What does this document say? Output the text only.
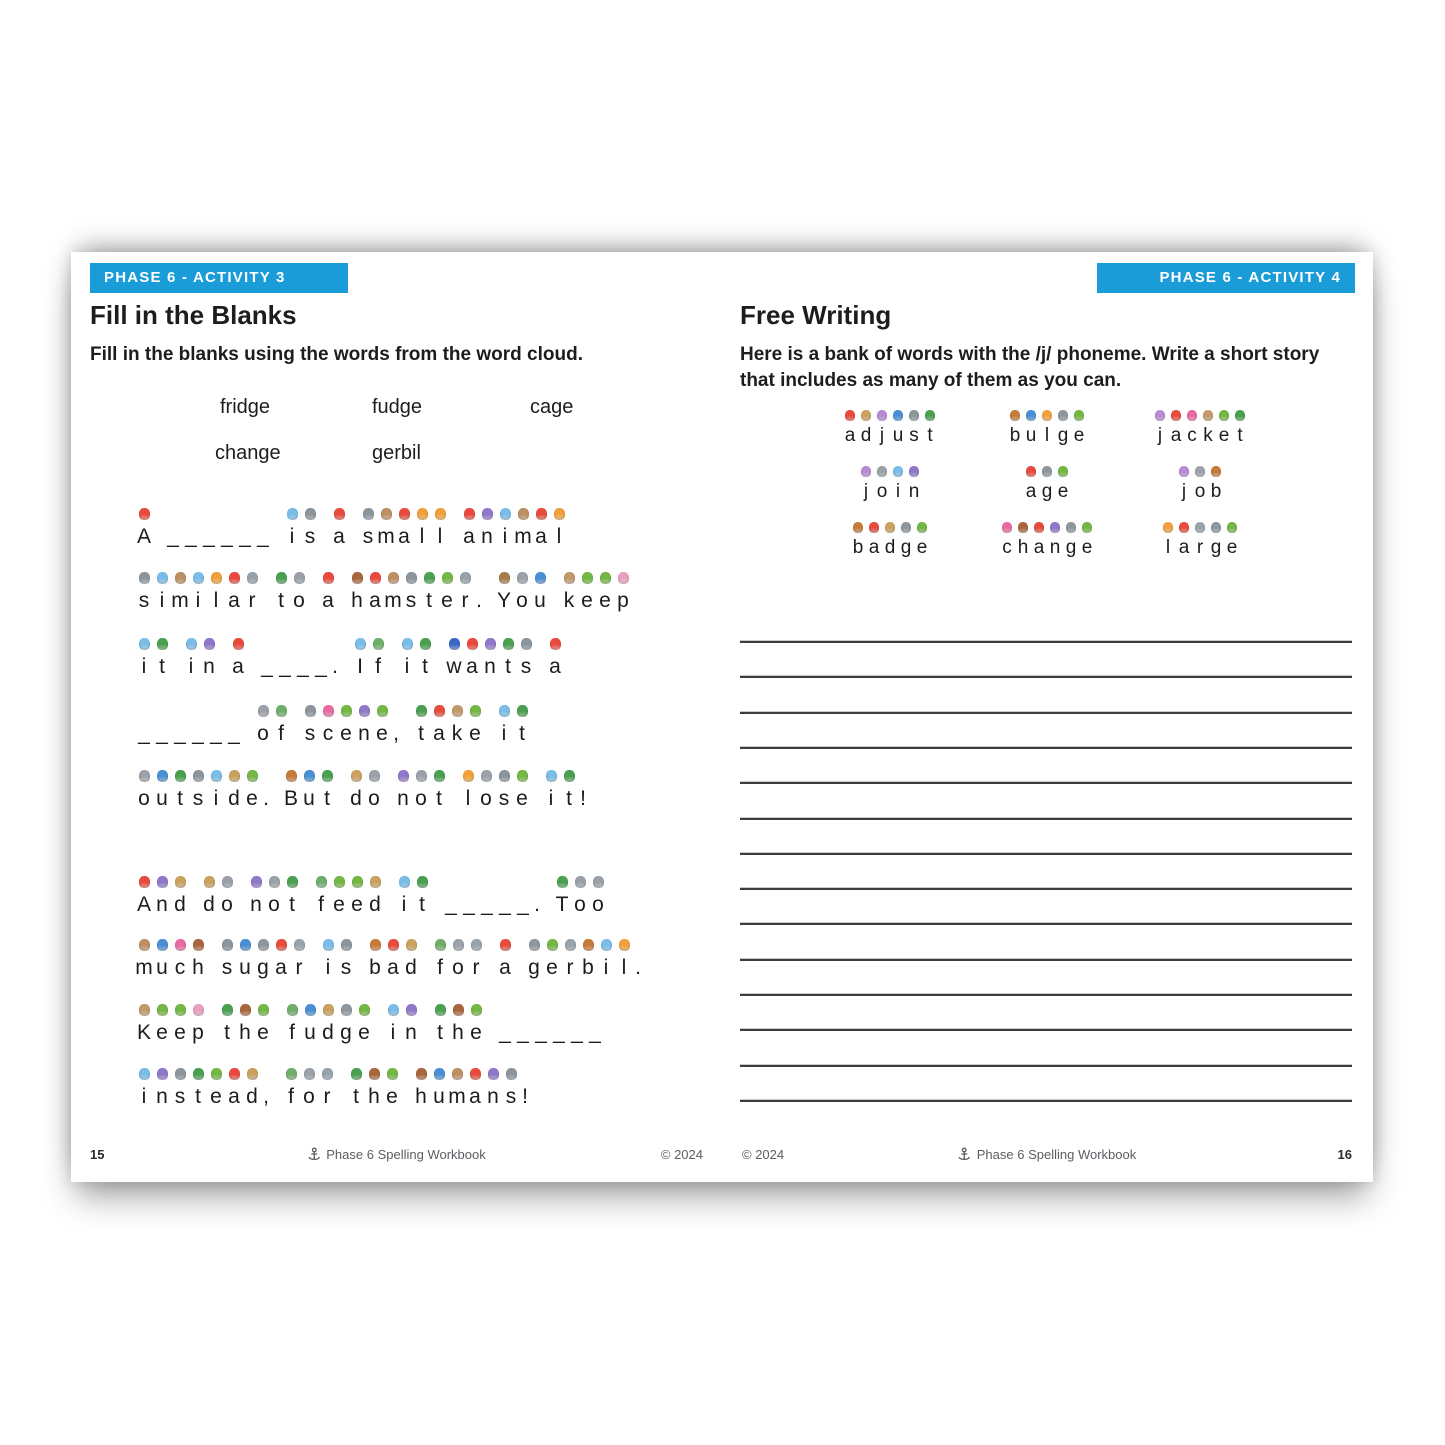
PHASE 6 - ACTIVITY 3
Fill in the Blanks

Fill in the blanks using the words from the word cloud.

fridge	fudge	cage
change	gerbil
A _ _ _ _ _ _ i s a s m a l l a n i m a l
s i m i l a r t o a h a m s t e r . Y o u k e e p
i t i n a _ _ _ _ . I f i t w a n t s a
_ _ _ _ _ _ o f s c e n e , t a k e i t
o u t s i d e . B u t d o n o t l o s e i t !
A n d d o n o t f e e d i t _ _ _ _ _ . T o o
m u c h s u g a r i s b a d f o r a g e r b i l .
K e e p t h e f u d g e i n t h e _ _ _ _ _ _
i n s t e a d , f o r t h e h u m a n s !
15	Phase 6 Spelling Workbook	© 2024
PHASE 6 - ACTIVITY 4
Free Writing

Here is a bank of words with the /j/ phoneme. Write a short story
that includes as many of them as you can.

a d j u s t	b u l g e	j a c k e t
j o i n	a g e	j o b
b a d g e	c h a n g e	l a r g e
© 2024	Phase 6 Spelling Workbook	16
